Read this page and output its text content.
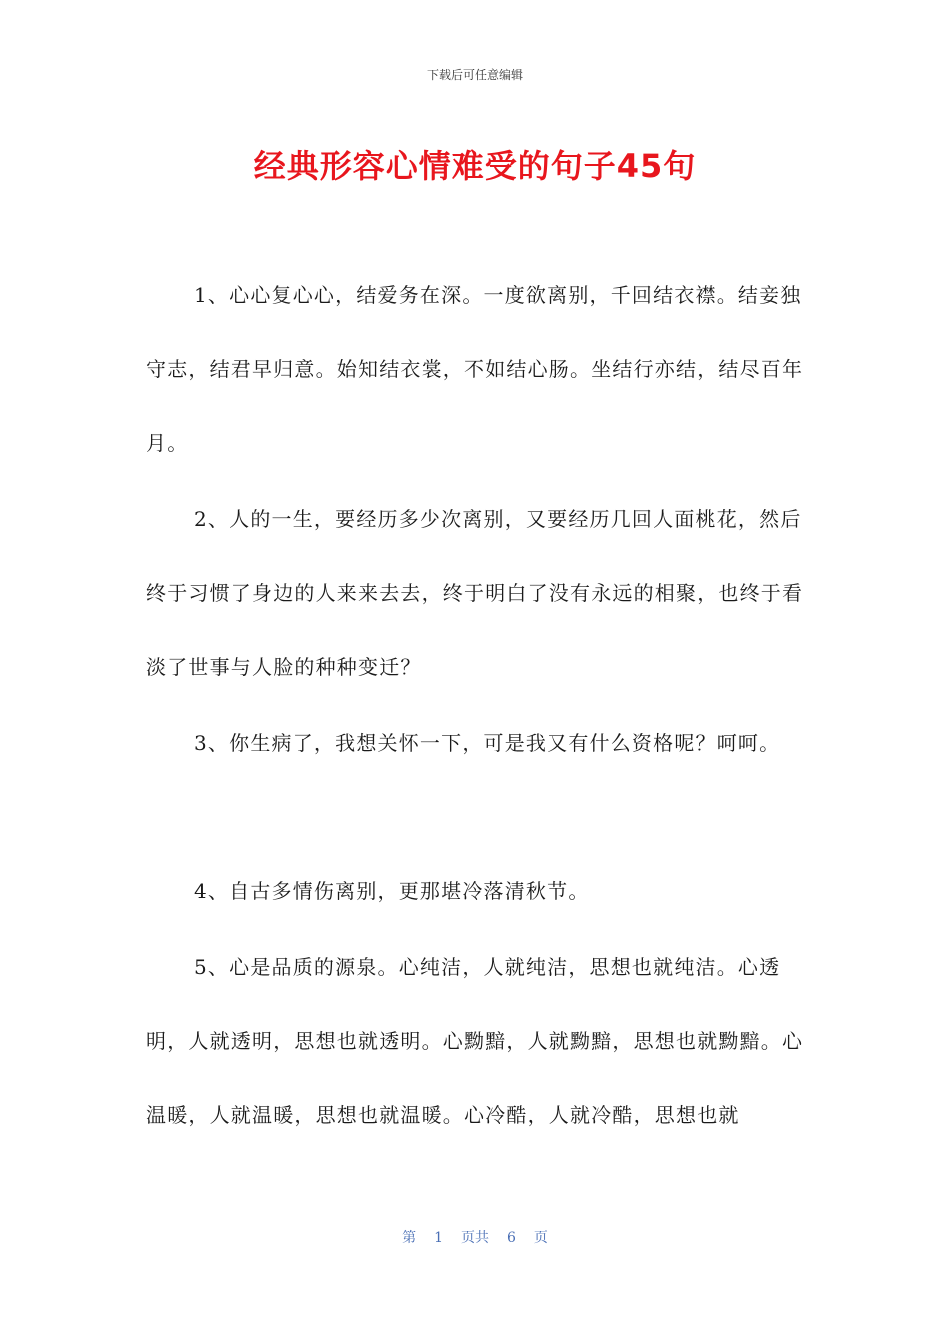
下载后可任意编辑
经典形容心情难受的句子45句

1、心心复心心，结爱务在深。一度欲离别，千回结衣襟。结妾独守志，结君早归意。始知结衣裳，不如结心肠。坐结行亦结，结尽百年月。

2、人的一生，要经历多少次离别，又要经历几回人面桃花，然后终于习惯了身边的人来来去去，终于明白了没有永远的相聚，也终于看淡了世事与人脸的种种变迁？

3、你生病了，我想关怀一下，可是我又有什么资格呢？呵呵。

4、自古多情伤离别，更那堪冷落清秋节。

5、心是品质的源泉。心纯洁，人就纯洁，思想也就纯洁。心透明，人就透明，思想也就透明。心黝黯，人就黝黯，思想也就黝黯。心温暖，人就温暖，思想也就温暖。心冷酷，人就冷酷，思想也就

第 1 页共 6 页
